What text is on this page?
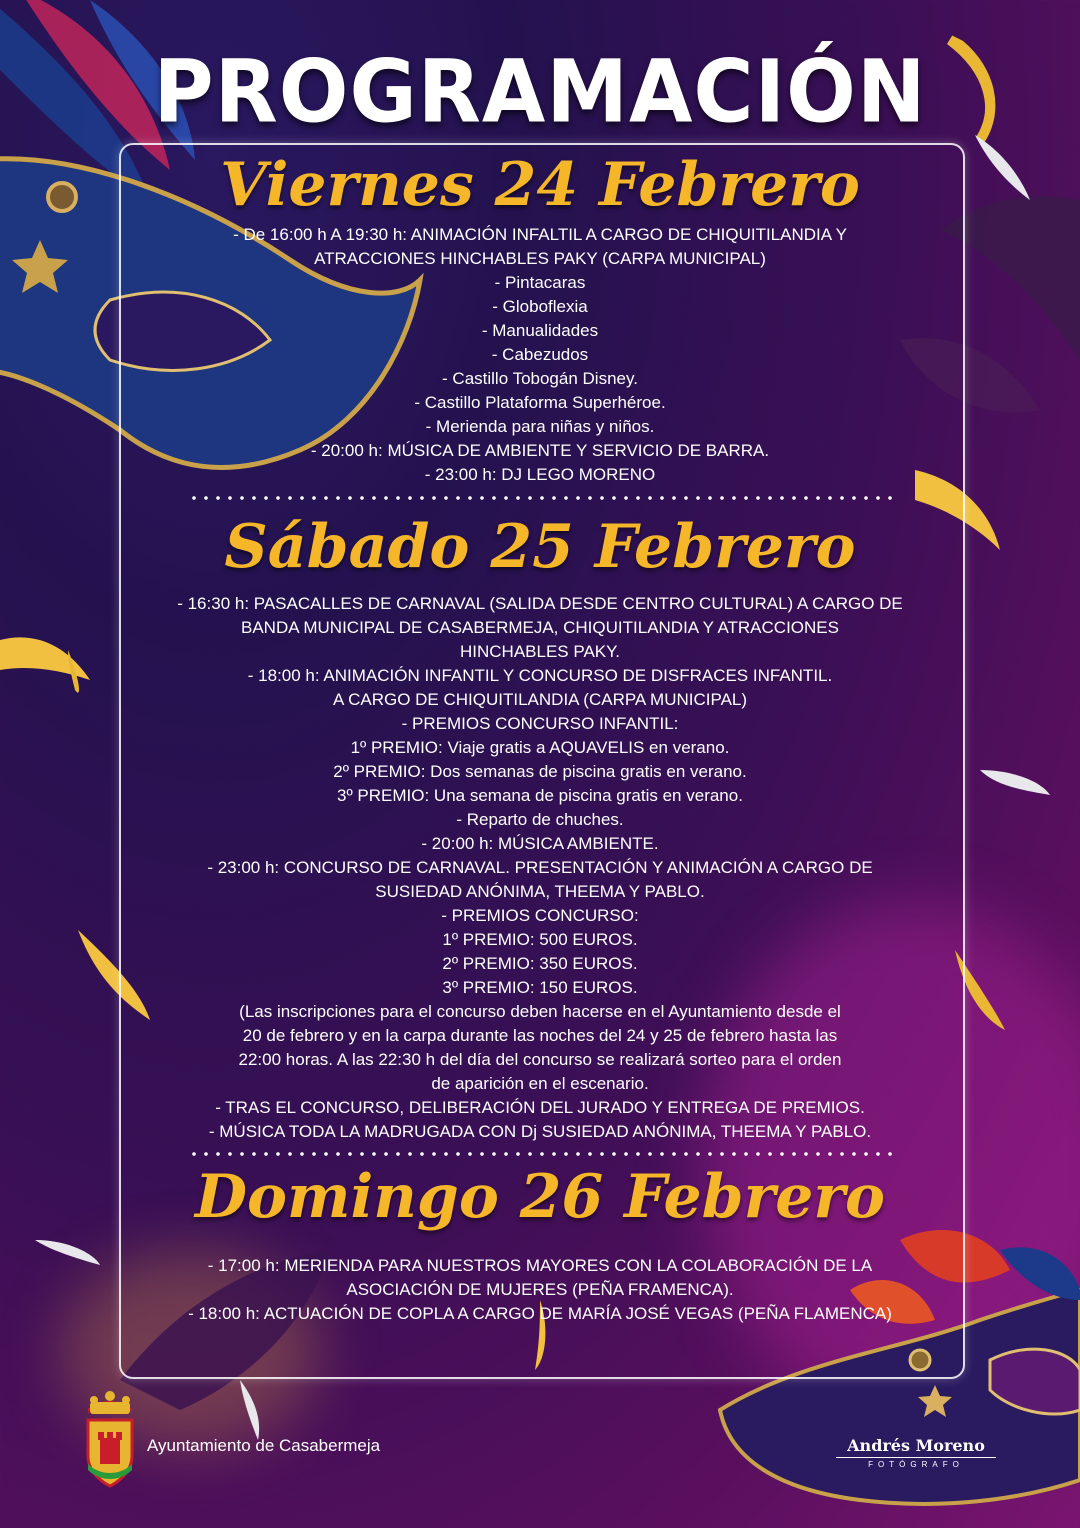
PROGRAMACIÓN
Viernes 24 Febrero
- De 16:00 h A 19:30 h: ANIMACIÓN INFALTIL A CARGO DE CHIQUITILANDIA Y
ATRACCIONES HINCHABLES PAKY (CARPA MUNICIPAL)
- Pintacaras
- Globoflexia
- Manualidades
- Cabezudos
- Castillo Tobogán Disney.
- Castillo Plataforma Superhéroe.
- Merienda para niñas y niños.
- 20:00 h: MÚSICA DE AMBIENTE Y SERVICIO DE BARRA.
- 23:00 h: DJ LEGO MORENO
Sábado 25 Febrero
- 16:30 h: PASACALLES DE CARNAVAL (SALIDA DESDE CENTRO CULTURAL) A CARGO DE
BANDA MUNICIPAL DE CASABERMEJA, CHIQUITILANDIA Y ATRACCIONES
HINCHABLES PAKY.
- 18:00 h: ANIMACIÓN INFANTIL Y CONCURSO DE DISFRACES INFANTIL.
A CARGO DE CHIQUITILANDIA (CARPA MUNICIPAL)
- PREMIOS CONCURSO INFANTIL:
1º PREMIO: Viaje gratis a AQUAVELIS en verano.
2º PREMIO: Dos semanas de piscina gratis en verano.
3º PREMIO: Una semana de piscina gratis en verano.
- Reparto de chuches.
- 20:00 h: MÚSICA AMBIENTE.
- 23:00 h: CONCURSO DE CARNAVAL. PRESENTACIÓN Y ANIMACIÓN A CARGO DE
SUSIEDAD ANÓNIMA, THEEMA Y PABLO.
- PREMIOS CONCURSO:
1º PREMIO: 500 EUROS.
2º PREMIO: 350 EUROS.
3º PREMIO: 150 EUROS.
(Las inscripciones para el concurso deben hacerse en el Ayuntamiento desde el
20 de febrero y en la carpa durante las noches del 24 y 25 de febrero hasta las
22:00 horas. A las 22:30 h del día del concurso se realizará sorteo para el orden
de aparición en el escenario.
- TRAS EL CONCURSO, DELIBERACIÓN DEL JURADO Y ENTREGA DE PREMIOS.
- MÚSICA TODA LA MADRUGADA CON Dj SUSIEDAD ANÓNIMA, THEEMA Y PABLO.
Domingo 26 Febrero
- 17:00 h: MERIENDA PARA NUESTROS MAYORES CON LA COLABORACIÓN DE LA
ASOCIACIÓN DE MUJERES (PEÑA FRAMENCA).
- 18:00 h: ACTUACIÓN DE COPLA A CARGO DE MARÍA JOSÉ VEGAS (PEÑA FLAMENCA)
Ayuntamiento de Casabermeja	Andrés Moreno
FOTÓGRAFO
